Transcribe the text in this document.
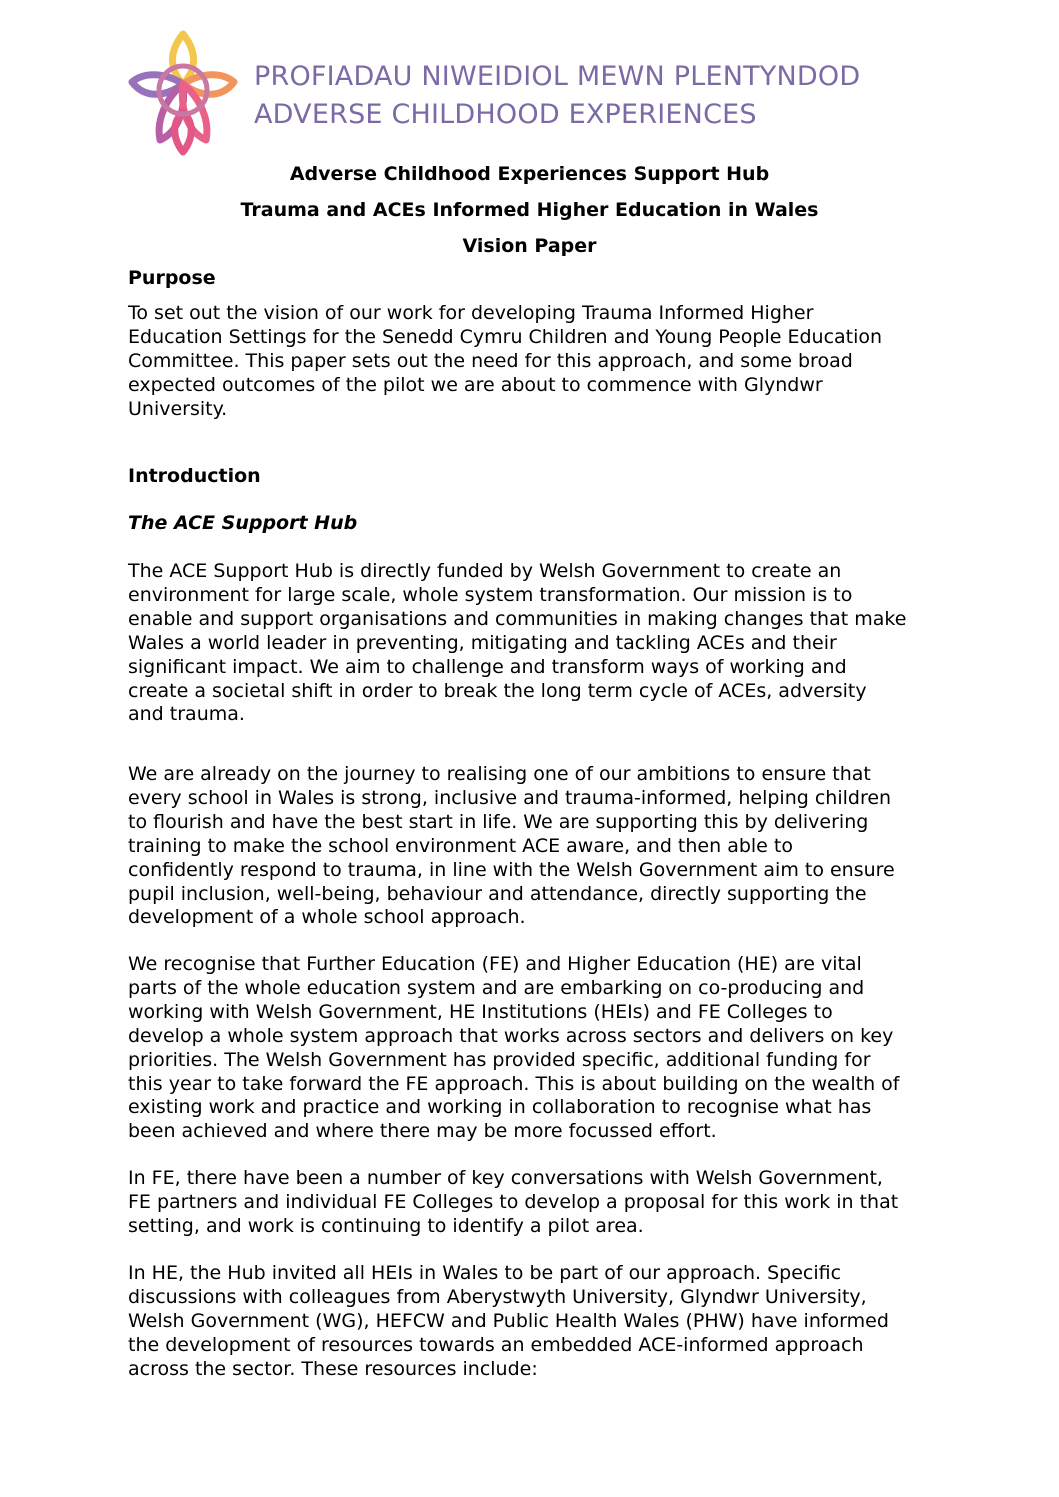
PROFIADAU NIWEIDIOL MEWN PLENTYNDOD
ADVERSE CHILDHOOD EXPERIENCES
Adverse Childhood Experiences Support Hub
Trauma and ACEs Informed Higher Education in Wales
Vision Paper
Purpose
To set out the vision of our work for developing Trauma Informed Higher
Education Settings for the Senedd Cymru Children and Young People Education
Committee. This paper sets out the need for this approach, and some broad
expected outcomes of the pilot we are about to commence with Glyndwr
University.
Introduction
The ACE Support Hub
The ACE Support Hub is directly funded by Welsh Government to create an
environment for large scale, whole system transformation. Our mission is to
enable and support organisations and communities in making changes that make
Wales a world leader in preventing, mitigating and tackling ACEs and their
significant impact. We aim to challenge and transform ways of working and
create a societal shift in order to break the long term cycle of ACEs, adversity
and trauma.
We are already on the journey to realising one of our ambitions to ensure that
every school in Wales is strong, inclusive and trauma-informed, helping children
to flourish and have the best start in life. We are supporting this by delivering
training to make the school environment ACE aware, and then able to
confidently respond to trauma, in line with the Welsh Government aim to ensure
pupil inclusion, well-being, behaviour and attendance, directly supporting the
development of a whole school approach.
We recognise that Further Education (FE) and Higher Education (HE) are vital
parts of the whole education system and are embarking on co-producing and
working with Welsh Government, HE Institutions (HEIs) and FE Colleges to
develop a whole system approach that works across sectors and delivers on key
priorities. The Welsh Government has provided specific, additional funding for
this year to take forward the FE approach. This is about building on the wealth of
existing work and practice and working in collaboration to recognise what has
been achieved and where there may be more focussed effort.
In FE, there have been a number of key conversations with Welsh Government,
FE partners and individual FE Colleges to develop a proposal for this work in that
setting, and work is continuing to identify a pilot area.
In HE, the Hub invited all HEIs in Wales to be part of our approach. Specific
discussions with colleagues from Aberystwyth University, Glyndwr University,
Welsh Government (WG), HEFCW and Public Health Wales (PHW) have informed
the development of resources towards an embedded ACE-informed approach
across the sector. These resources include:
